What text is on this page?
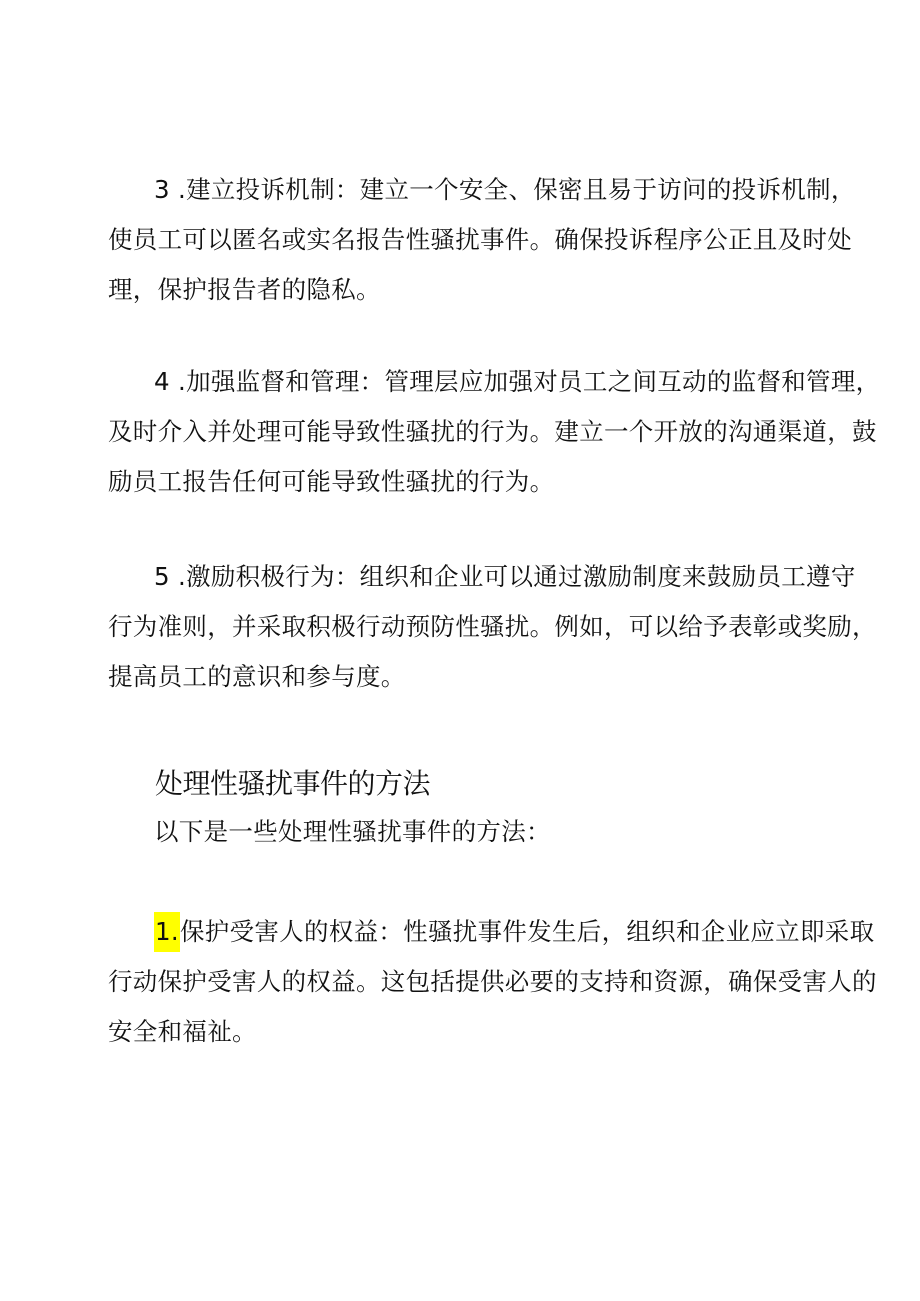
3 .建立投诉机制：建立一个安全、保密且易于访问的投诉机制，
使员工可以匿名或实名报告性骚扰事件。确保投诉程序公正且及时处
理，保护报告者的隐私。
4 .加强监督和管理：管理层应加强对员工之间互动的监督和管理，
及时介入并处理可能导致性骚扰的行为。建立一个开放的沟通渠道，鼓
励员工报告任何可能导致性骚扰的行为。
5 .激励积极行为：组织和企业可以通过激励制度来鼓励员工遵守
行为准则，并采取积极行动预防性骚扰。例如，可以给予表彰或奖励，
提高员工的意识和参与度。
处理性骚扰事件的方法
以下是一些处理性骚扰事件的方法：
1.保护受害人的权益：性骚扰事件发生后，组织和企业应立即采取
行动保护受害人的权益。这包括提供必要的支持和资源，确保受害人的
安全和福祉。
